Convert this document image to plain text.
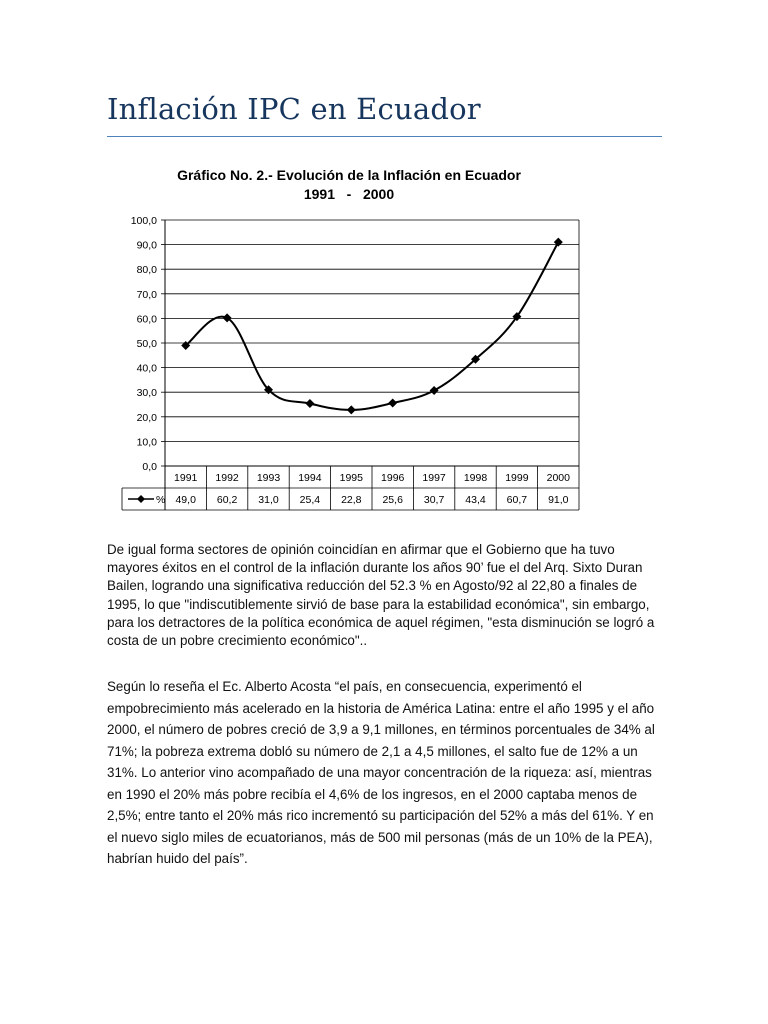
Inflación IPC en Ecuador
Gráfico No. 2.- Evolución de la Inflación en Ecuador
1991   -   2000
0,0
10,0
20,0
30,0
40,0
50,0
60,0
70,0
80,0
90,0
100,0
1991 1992 1993 1994 1995 1996 1997 1998 1999 2000
49,0 60,2 31,0 25,4 22,8 25,6 30,7 43,4 60,7 91,0
%

De igual forma sectores de opinión coincidían en afirmar que el Gobierno que ha tuvo mayores éxitos en el control de la inflación durante los años 90’ fue el del Arq. Sixto Duran Bailen, logrando una significativa reducción del 52.3 % en Agosto/92 al 22,80 a finales de 1995, lo que "indiscutiblemente sirvió de base para la estabilidad económica", sin embargo, para los detractores de la política económica de aquel régimen, "esta disminución se logró a costa de un pobre crecimiento económico"..

Según lo reseña el Ec. Alberto Acosta “el país, en consecuencia, experimentó el empobrecimiento más acelerado en la historia de América Latina: entre el año 1995 y el año 2000, el número de pobres creció de 3,9 a 9,1 millones, en términos porcentuales de 34% al 71%; la pobreza extrema dobló su número de 2,1 a 4,5 millones, el salto fue de 12% a un 31%. Lo anterior vino acompañado de una mayor concentración de la riqueza: así, mientras en 1990 el 20% más pobre recibía el 4,6% de los ingresos, en el 2000 captaba menos de 2,5%; entre tanto el 20% más rico incrementó su participación del 52% a más del 61%. Y en el nuevo siglo miles de ecuatorianos, más de 500 mil personas (más de un 10% de la PEA), habrían huido del país”.
